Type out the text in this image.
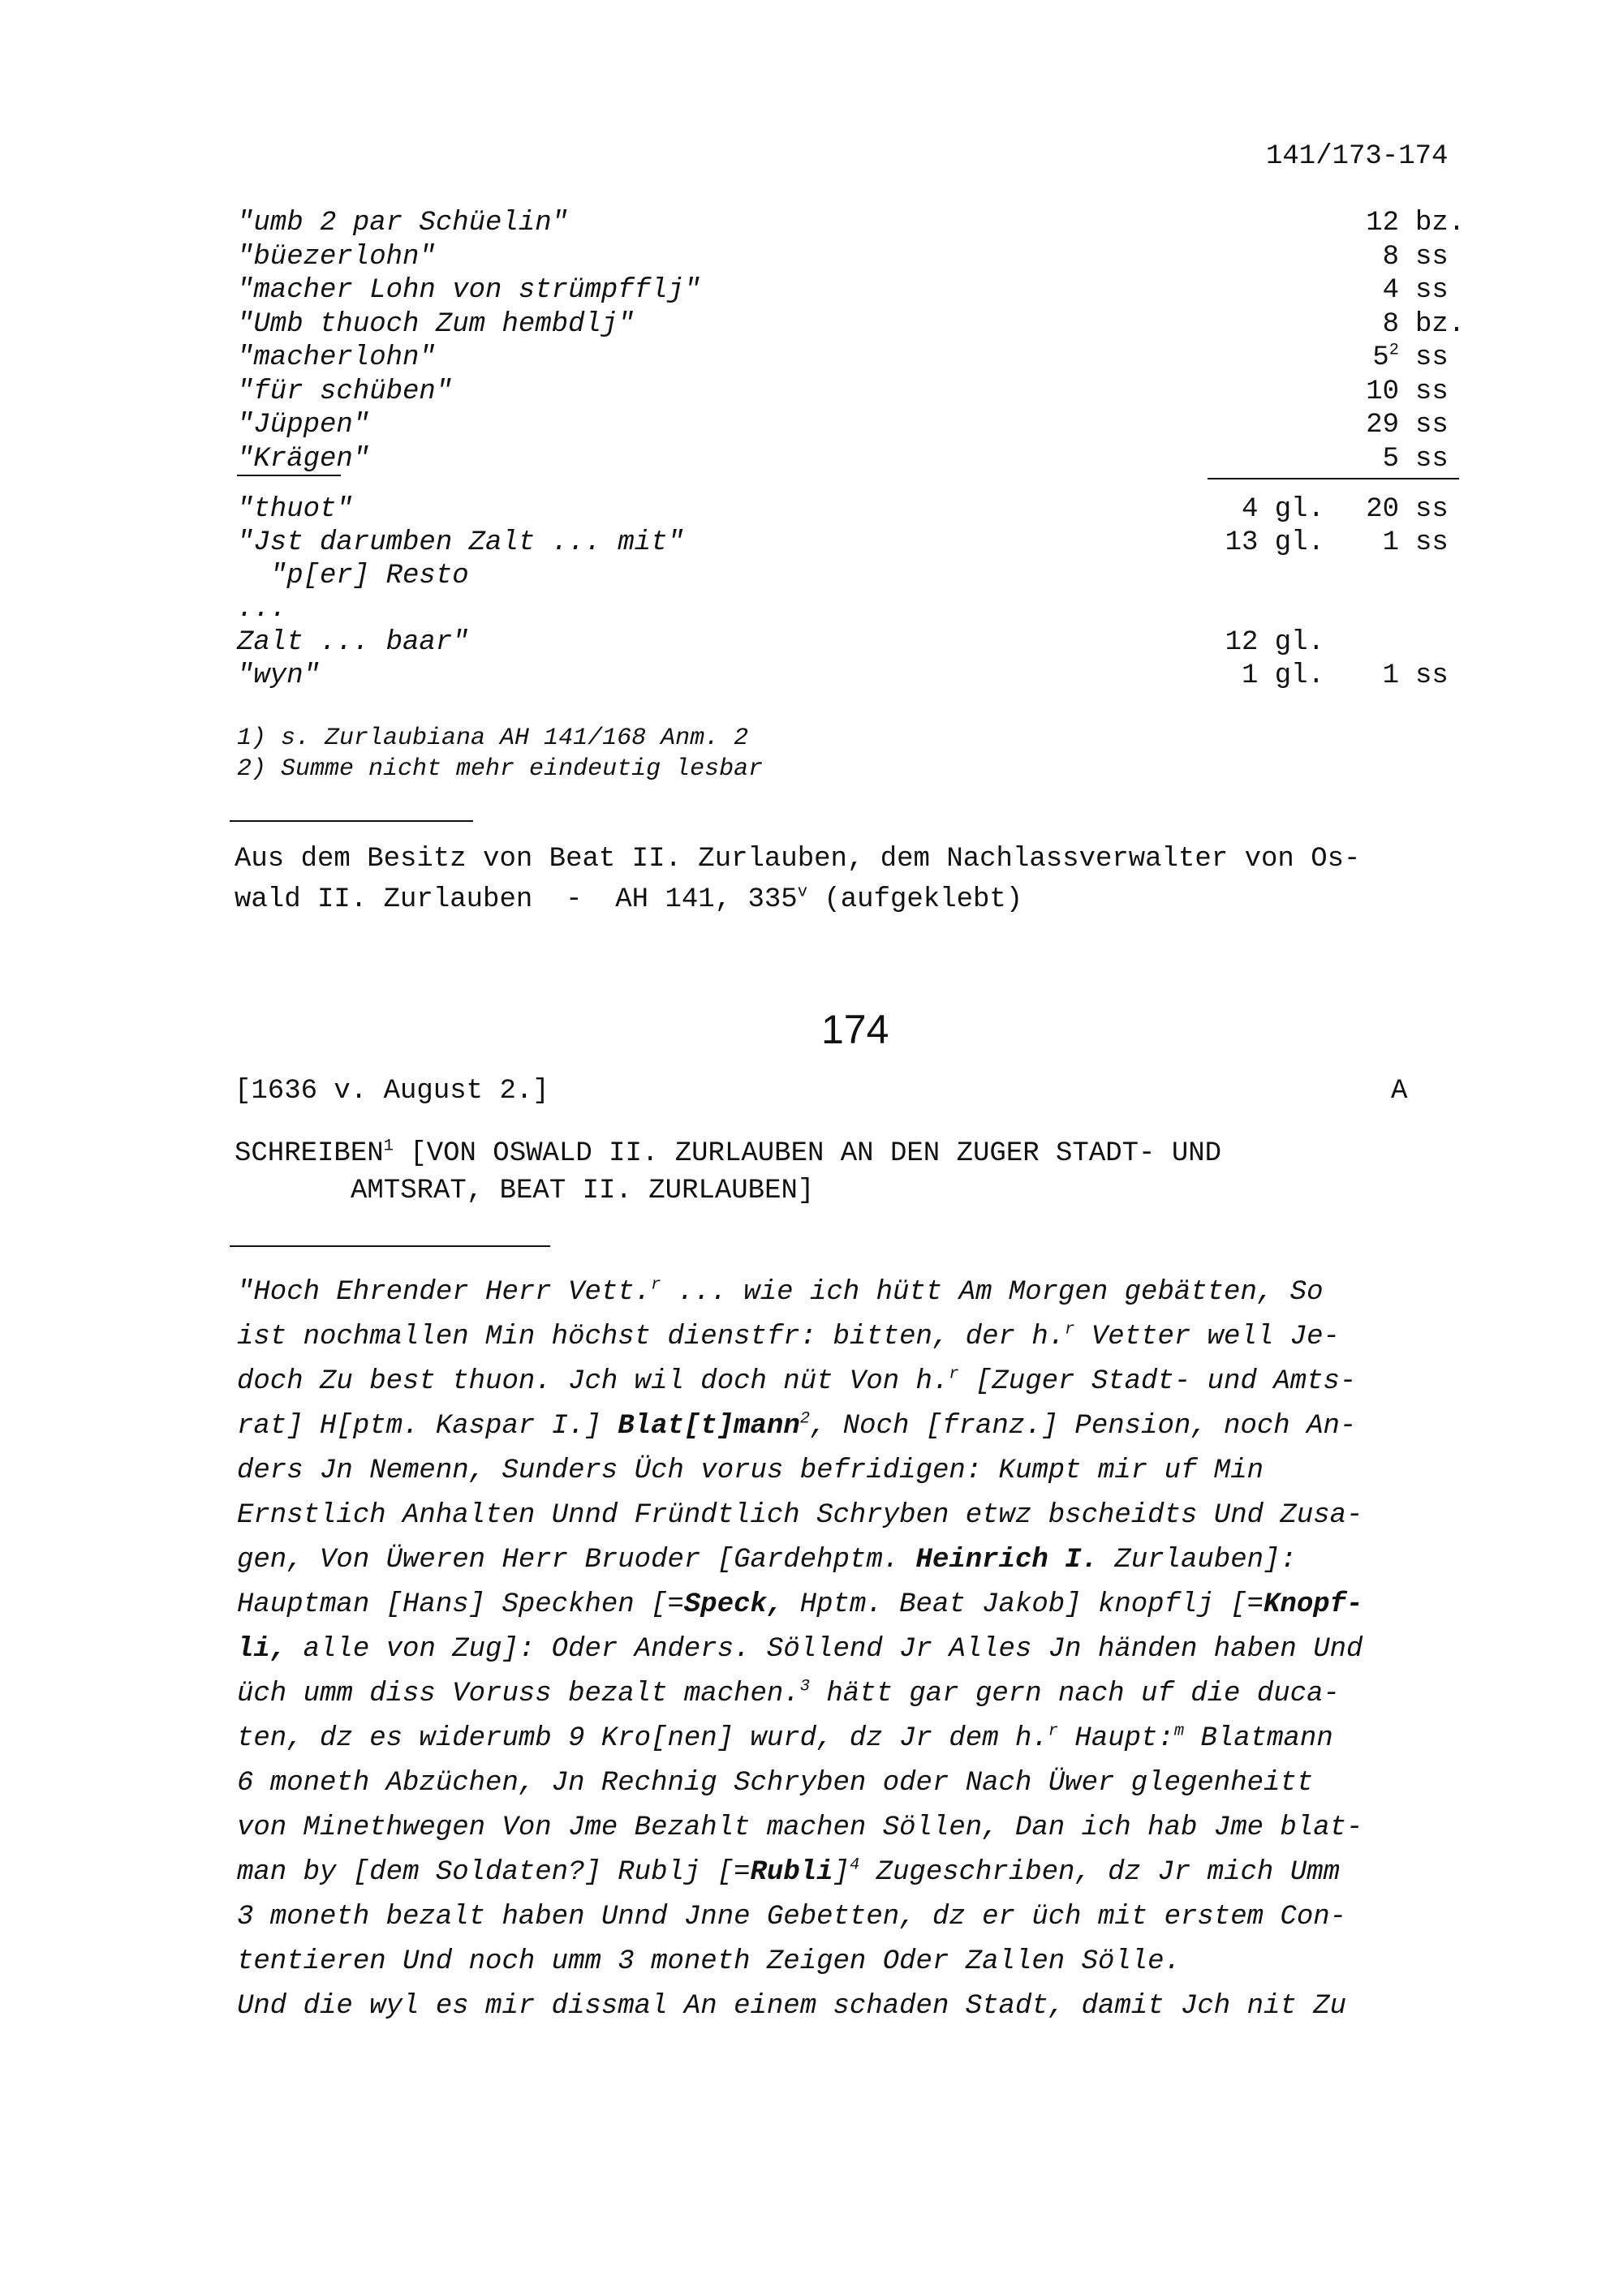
141/173-174
"umb 2 par Schüelin"	12 bz.
"büezerlohn"	8 ss
"macher Lohn von strümpfflj"	4 ss
"Umb thuoch Zum hembdlj"	8 bz.
"macherlohn"	$5^2$ ss
"für schüben"	10 ss
"Jüppen"	29 ss
"Krägen"	5 ss
"thuot"	4 gl.	20 ss
"Jst darumben Zalt ... mit"	13 gl.	1 ss
"p[er] Resto
...
Zalt ... baar"	12 gl.
"wyn"	1 gl.	1 ss
1) s. Zurlaubiana AH 141/168 Anm. 2
2) Summe nicht mehr eindeutig lesbar
Aus dem Besitz von Beat II. Zurlauben, dem Nachlassverwalter von Os-
wald II. Zurlauben  -  AH 141, 335$^v$ (aufgeklebt)
174
[1636 v. August 2.]	A
SCHREIBEN$^1$ [VON OSWALD II. ZURLAUBEN AN DEN ZUGER STADT- UND
AMTSRAT, BEAT II. ZURLAUBEN]
"Hoch Ehrender Herr Vett.$^r$ ... wie ich hütt Am Morgen gebätten, So
ist nochmallen Min höchst dienstfr: bitten, der h.$^r$ Vetter well Je-
doch Zu best thuon. Jch wil doch nüt Von h.$^r$ [Zuger Stadt- und Amts-
rat] H[ptm. Kaspar I.] Blat[t]mann$^2$, Noch [franz.] Pension, noch An-
ders Jn Nemenn, Sunders Üch vorus befridigen: Kumpt mir uf Min
Ernstlich Anhalten Unnd Fründtlich Schryben etwz bscheidts Und Zusa-
gen, Von Üweren Herr Bruoder [Gardehptm. Heinrich I. Zurlauben]:
Hauptman [Hans] Speckhen [=Speck, Hptm. Beat Jakob] knopflj [=Knopf-
li, alle von Zug]: Oder Anders. Söllend Jr Alles Jn händen haben Und
üch umm diss Voruss bezalt machen.$^3$ hätt gar gern nach uf die duca-
ten, dz es widerumb 9 Kro[nen] wurd, dz Jr dem h.$^r$ Haupt:$^m$ Blatmann
6 moneth Abzüchen, Jn Rechnig Schryben oder Nach Üwer glegenheitt
von Minethwegen Von Jme Bezahlt machen Söllen, Dan ich hab Jme blat-
man by [dem Soldaten?] Rublj [=Rubli]$^4$ Zugeschriben, dz Jr mich Umm
3 moneth bezalt haben Unnd Jnne Gebetten, dz er üch mit erstem Con-
tentieren Und noch umm 3 moneth Zeigen Oder Zallen Sölle.
Und die wyl es mir dissmal An einem schaden Stadt, damit Jch nit Zu
